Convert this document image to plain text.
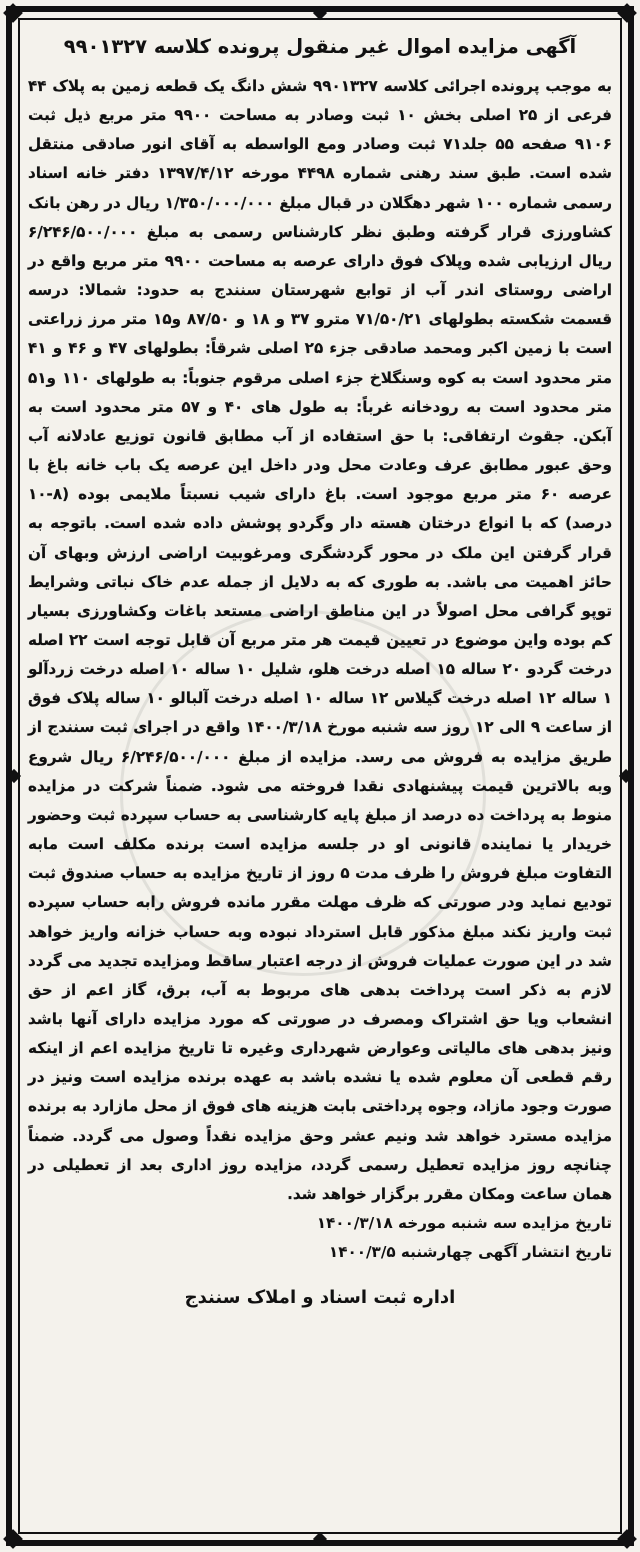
آگهی مزایده اموال غیر منقول پرونده کلاسه ۹۹۰۱۳۲۷

به موجب پرونده اجرائی کلاسه ۹۹۰۱۳۲۷ شش دانگ یک قطعه زمین به پلاک ۴۴ فرعی از ۲۵ اصلی بخش ۱۰ ثبت وصادر به مساحت ۹۹۰۰ متر مربع ذیل ثبت ۹۱۰۶ صفحه ۵۵ جلد۷۱ ثبت وصادر ومع الواسطه به آقای انور صادقی منتقل شده است. طبق سند رهنی شماره ۴۴۹۸ مورخه ۱۳۹۷/۴/۱۲ دفتر خانه اسناد رسمی شماره ۱۰۰ شهر دهگلان در قبال مبلغ ۱/۳۵۰/۰۰۰/۰۰۰ ریال در رهن بانک کشاورزی قرار گرفته وطبق نظر کارشناس رسمی به مبلغ ۶/۲۴۶/۵۰۰/۰۰۰ ریال ارزیابی شده وپلاک فوق دارای عرصه به مساحت ۹۹۰۰ متر مربع واقع در اراضی روستای اندر آب از توابع شهرستان سنندج به حدود: شمالا: درسه قسمت شکسته بطولهای ۷۱/۵۰/۲۱ مترو ۳۷ و ۱۸ و ۸۷/۵۰ و۱۵ متر مرز زراعتی است با زمین اکبر ومحمد صادقی جزء ۲۵ اصلی شرقاً: بطولهای ۴۷ و ۴۶ و ۴۱ متر محدود است به کوه وسنگلاخ جزء اصلی مرقوم جنوباً: به طولهای ۱۱۰ و۵۱ متر محدود است به رودخانه غرباً: به طول های ۴۰ و ۵۷ متر محدود است به آبکن. جقوث ارتفاقی: با حق استفاده از آب مطابق قانون توزیع عادلانه آب وحق عبور مطابق عرف وعادت محل ودر داخل این عرصه یک باب خانه باغ با عرصه ۶۰ متر مربع موجود است. باغ دارای شیب نسبتاً ملایمی بوده (۸-۱۰ درصد) که با انواع درختان هسته دار وگردو پوشش داده شده است. باتوجه به قرار گرفتن این ملک در محور گردشگری ومرغوبیت اراضی ارزش وبهای آن حائز اهمیت می باشد. به طوری که به دلایل از جمله عدم خاک نباتی وشرایط توپو گرافی محل اصولاً در این مناطق اراضی مستعد باغات وکشاورزی بسیار کم بوده واین موضوع در تعیین قیمت هر متر مربع آن قابل توجه است ۲۲ اصله درخت گردو ۲۰ ساله ۱۵ اصله درخت هلو، شلیل ۱۰ ساله ۱۰ اصله درخت زردآلو ۱ ساله ۱۲ اصله درخت گیلاس ۱۲ ساله ۱۰ اصله درخت آلبالو ۱۰ ساله پلاک فوق از ساعت ۹ الی ۱۲ روز سه شنبه مورخ ۱۴۰۰/۳/۱۸ واقع در اجرای ثبت سنندج از طریق مزایده به فروش می رسد. مزایده از مبلغ ۶/۲۴۶/۵۰۰/۰۰۰ ریال شروع وبه بالاترین قیمت پیشنهادی نقدا فروخته می شود. ضمناً شرکت در مزایده منوط به پرداخت ده درصد از مبلغ پایه کارشناسی به حساب سپرده ثبت وحضور خریدار یا نماینده قانونی او در جلسه مزایده است برنده مکلف است مابه التفاوت مبلغ فروش را ظرف مدت ۵ روز از تاریخ مزایده به حساب صندوق ثبت تودیع نماید ودر صورتی که ظرف مهلت مقرر مانده فروش رابه حساب سپرده ثبت واریز نکند مبلغ مذکور قابل استرداد نبوده وبه حساب خزانه واریز خواهد شد در این صورت عملیات فروش از درجه اعتبار ساقط ومزایده تجدید می گردد لازم به ذکر است پرداخت بدهی های مربوط به آب، برق، گاز اعم از حق انشعاب ویا حق اشتراک ومصرف در صورتی که مورد مزایده دارای آنها باشد ونیز بدهی های مالیاتی وعوارض شهرداری وغیره تا تاریخ مزایده اعم از اینکه رقم قطعی آن معلوم شده یا نشده باشد به عهده برنده مزایده است ونیز در صورت وجود مازاد، وجوه پرداختی بابت هزینه های فوق از محل مازارد به برنده مزایده مسترد خواهد شد ونیم عشر وحق مزایده نقداً وصول می گردد. ضمناً چنانچه روز مزایده تعطیل رسمی گردد، مزایده روز اداری بعد از تعطیلی در همان ساعت ومکان مقرر برگزار خواهد شد.

تاریخ مزایده سه شنبه مورخه ۱۴۰۰/۳/۱۸

تاریخ انتشار آگهی چهارشنبه ۱۴۰۰/۳/۵

اداره ثبت اسناد و املاک سنندج
